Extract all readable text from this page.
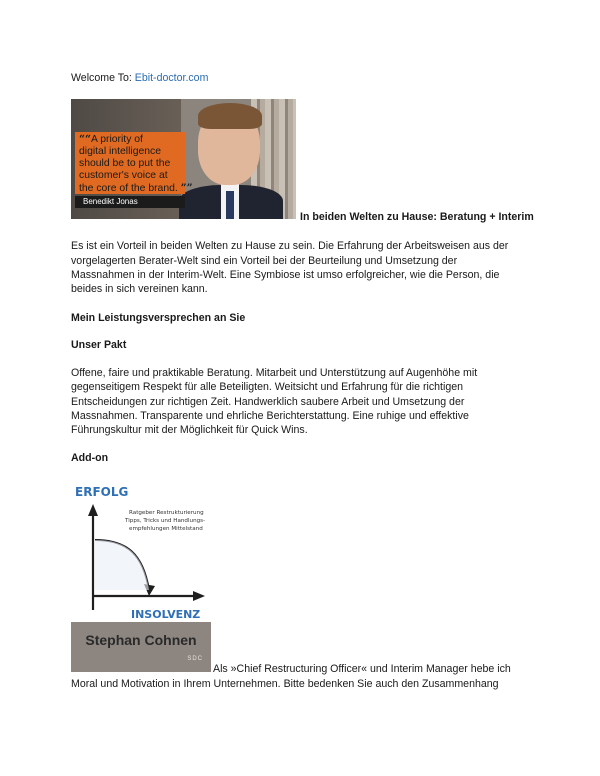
Welcome To: Ebit-doctor.com
““A priority of
digital intelligence
should be to put the
customer's voice at
the core of the brand. ””
Benedikt Jonas
In beiden Welten zu Hause: Beratung + Interim
Es ist ein Vorteil in beiden Welten zu Hause zu sein. Die Erfahrung der Arbeitsweisen aus der
vorgelagerten Berater-Welt sind ein Vorteil bei der Beurteilung und Umsetzung der
Massnahmen in der Interim-Welt. Eine Symbiose ist umso erfolgreicher, wie die Person, die
beides in sich vereinen kann.
Mein Leistungsversprechen an Sie
Unser Pakt
Offene, faire und praktikable Beratung. Mitarbeit und Unterstützung auf Augenhöhe mit
gegenseitigem Respekt für alle Beteiligten. Weitsicht und Erfahrung für die richtigen
Entscheidungen zur richtigen Zeit. Handwerklich saubere Arbeit und Umsetzung der
Massnahmen. Transparente und ehrliche Berichterstattung. Eine ruhige und effektive
Führungskultur mit der Möglichkeit für Quick Wins.
Add-on
ERFOLG
INSOLVENZ
Ratgeber Restrukturierung
Tipps, Tricks und Handlungs-
empfehlungen Mittelstand
Stephan Cohnen
SDC
Als »Chief Restructuring Officer« und Interim Manager hebe ich
Moral und Motivation in Ihrem Unternehmen. Bitte bedenken Sie auch den Zusammenhang
